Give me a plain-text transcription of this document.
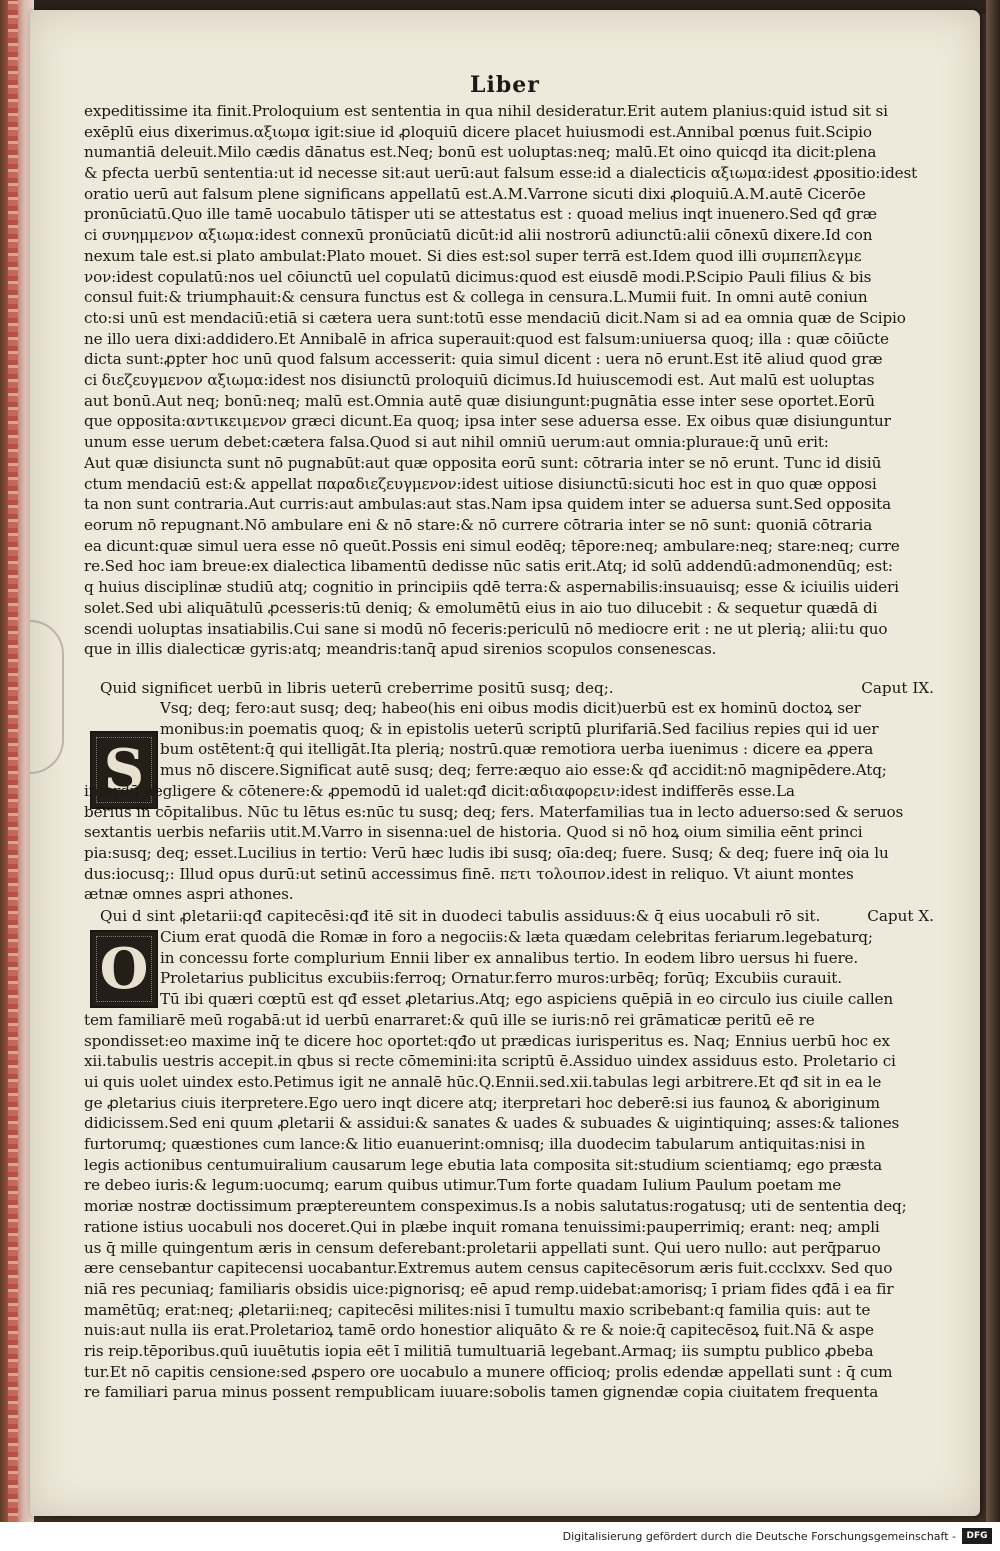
Liber
S
O
expeditissime ita finit.Proloquium est sententia in qua nihil desideratur.Erit autem planius:quid istud sit si
exēplū eius dixerimus.αξιωμα igit:siue id ꝓloquiū dicere placet huiusmodi est.Annibal pœnus fuit.Scipio
numantiā deleuit.Milo cædis dānatus est.Neq; bonū est uoluptas:neq; malū.Et oino quicqd ita dicit:plena
& pfecta uerbū sententia:ut id necesse sit:aut uerū:aut falsum esse:id a dialecticis αξιωμα:idest ꝓpositio:idest
oratio uerū aut falsum plene significans appellatū est.A.M.Varrone sicuti dixi ꝓloquiū.A.M.autē Cicerōe
pronūciatū.Quo ille tamē uocabulo tātisper uti se attestatus est : quoad melius inqt inuenero.Sed qđ græ
ci συνημμενον αξιωμα:idest connexū pronūciatū dicūt:id alii nostrorū adiunctū:alii cōnexū dixere.Id con
nexum tale est.si plato ambulat:Plato mouet. Si dies est:sol super terrā est.Idem quod illi συμπεπλεγμε
νον:idest copulatū:nos uel cōiunctū uel copulatū dicimus:quod est eiusdē modi.P.Scipio Pauli filius & bis
consul fuit:& triumphauit:& censura functus est & collega in censura.L.Mumii fuit. In omni autē coniun
cto:si unū est mendaciū:etiā si cætera uera sunt:totū esse mendaciū dicit.Nam si ad ea omnia quæ de Scipio
ne illo uera dixi:addidero.Et Annibalē in africa superauit:quod est falsum:uniuersa quoq; illa : quæ cōiūcte
dicta sunt:ꝓpter hoc unū quod falsum accesserit: quia simul dicent : uera nō erunt.Est itē aliud quod græ
ci διεζευγμενον αξιωμα:idest nos disiunctū proloquiū dicimus.Id huiuscemodi est. Aut malū est uoluptas
aut bonū.Aut neq; bonū:neq; malū est.Omnia autē quæ disiungunt:pugnātia esse inter sese oportet.Eorū
que opposita:αντικειμενον græci dicunt.Ea quoq; ipsa inter sese aduersa esse. Ex oibus quæ disiunguntur
unum esse uerum debet:cætera falsa.Quod si aut nihil omniū uerum:aut omnia:pluraue:q̄ unū erit:
Aut quæ disiuncta sunt nō pugnabūt:aut quæ opposita eorū sunt: cōtraria inter se nō erunt. Tunc id disiū
ctum mendaciū est:& appellat παραδιεζευγμενον:idest uitiose disiunctū:sicuti hoc est in quo quæ opposi
ta non sunt contraria.Aut curris:aut ambulas:aut stas.Nam ipsa quidem inter se aduersa sunt.Sed opposita
eorum nō repugnant.Nō ambulare eni & nō stare:& nō currere cōtraria inter se nō sunt: quoniā cōtraria
ea dicunt:quæ simul uera esse nō queūt.Possis eni simul eodēq; tēpore:neq; ambulare:neq; stare:neq; curre
re.Sed hoc iam breue:ex dialectica libamentū dedisse nūc satis erit.Atq; id solū addendū:admonendūq; est:
q huius disciplinæ studiū atq; cognitio in principiis qdē terra:& aspernabilis:insuauisq; esse & iciuilis uideri
solet.Sed ubi aliquātulū ꝓcesseris:tū deniq; & emolumētū eius in aio tuo dilucebit : & sequetur quædā di
scendi uoluptas insatiabilis.Cui sane si modū nō feceris:periculū nō mediocre erit : ne ut plerią; alii:tu quo
que in illis dialecticæ gyris:atq; meandris:tanq̄ apud sirenios scopulos consenescas.
Quid significet uerbū in libris ueterū creberrime positū susq; deq;.	Caput IX.
Vsq; deq; fero:aut susq; deq; habeo(his eni oibus modis dicit)uerbū est ex hominū doctoꝝ ser
monibus:in poematis quoq; & in epistolis ueterū scriptū plurifariā.Sed facilius repies qui id uer
bum ostētent:q̄ qui itelligāt.Ita plerią; nostrū.quæ remotiora uerba iuenimus : dicere ea ꝓpera
mus nō discere.Significat autē susq; deq; ferre:æquo aio esse:& qđ accidit:nō magnipēdere.Atq;
interdū negligere & cōtenere:& ꝓpemodū id ualet:qđ dicit:αδιαφορειν:idest indifferēs esse.La
berius in cōpitalibus. Nūc tu lētus es:nūc tu susq; deq; fers. Materfamilias tua in lecto aduerso:sed & seruos
sextantis uerbis nefariis utit.M.Varro in sisenna:uel de historia. Quod si nō hoꝝ oium similia eēnt princi
pia:susq; deq; esset.Lucilius in tertio: Verū hæc ludis ibi susq; oīa:deq; fuere. Susq; & deq; fuere inq̄ oia lu
dus:iocusq;: Illud opus durū:ut setinū accessimus finē. πετι τολοιπον.idest in reliquo. Vt aiunt montes
ætnæ omnes aspri athones.
Qui d sint ꝓletarii:qđ capitecēsi:qđ itē sit in duodeci tabulis assiduus:& q̄ eius uocabuli rō sit.	Caput X.
Cium erat quodā die Romæ in foro a negociis:& læta quædam celebritas feriarum.legebaturq;
in concessu forte complurium Ennii liber ex annalibus tertio. In eodem libro uersus hi fuere.
Proletarius publicitus excubiis:ferroq; Ornatur.ferro muros:urbēq; forūq; Excubiis curauit.
Tū ibi quæri cœptū est qđ esset ꝓletarius.Atq; ego aspiciens quēpiā in eo circulo ius ciuile callen
tem familiarē meū rogabā:ut id uerbū enarraret:& quū ille se iuris:nō rei grāmaticæ peritū eē re
spondisset:eo maxime inq̄ te dicere hoc oportet:qđo ut prædicas iurisperitus es. Naq; Ennius uerbū hoc ex
xii.tabulis uestris accepit.in qbus si recte cōmemini:ita scriptū ē.Assiduo uindex assiduus esto. Proletario ci
ui quis uolet uindex esto.Petimus igit ne annalē hūc.Q.Ennii.sed.xii.tabulas legi arbitrere.Et qđ sit in ea le
ge ꝓletarius ciuis iterpretere.Ego uero inqt dicere atq; iterpretari hoc deberē:si ius faunoꝝ & aboriginum
didicissem.Sed eni quum ꝓletarii & assidui:& sanates & uades & subuades & uigintiquinq; asses:& taliones
furtorumq; quæstiones cum lance:& litio euanuerint:omnisq; illa duodecim tabularum antiquitas:nisi in
legis actionibus centumuiralium causarum lege ebutia lata composita sit:studium scientiamq; ego præsta
re debeo iuris:& legum:uocumq; earum quibus utimur.Tum forte quadam Iulium Paulum poetam me
moriæ nostræ doctissimum præptereuntem conspeximus.Is a nobis salutatus:rogatusq; uti de sententia deq;
ratione istius uocabuli nos doceret.Qui in plæbe inquit romana tenuissimi:pauperrimiq; erant: neq; ampli
us q̄ mille quingentum æris in censum deferebant:proletarii appellati sunt. Qui uero nullo: aut perq̄paruo
ære censebantur capitecensi uocabantur.Extremus autem census capitecēsorum æris fuit.ccclxxv. Sed quo
niā res pecuniaq; familiaris obsidis uice:pignorisq; eē apud remp.uidebat:amorisq; ī priam fides qđā i ea fir
mamētūq; erat:neq; ꝓletarii:neq; capitecēsi milites:nisi ī tumultu maxio scribebant:q familia quis: aut te
nuis:aut nulla iis erat.Proletarioꝝ tamē ordo honestior aliquāto & re & noie:q̄ capitecēsoꝝ fuit.Nā & aspe
ris reip.tēporibus.quū iuuētutis iopia eēt ī militiā tumultuariā legebant.Armaq; iis sumptu publico ꝓbeba
tur.Et nō capitis censione:sed ꝓspero ore uocabulo a munere officioq; prolis edendæ appellati sunt : q̄ cum
re familiari parua minus possent rempublicam iuuare:sobolis tamen gignendæ copia ciuitatem frequenta
Digitalisierung gefördert durch die Deutsche Forschungsgemeinschaft -	DFG
